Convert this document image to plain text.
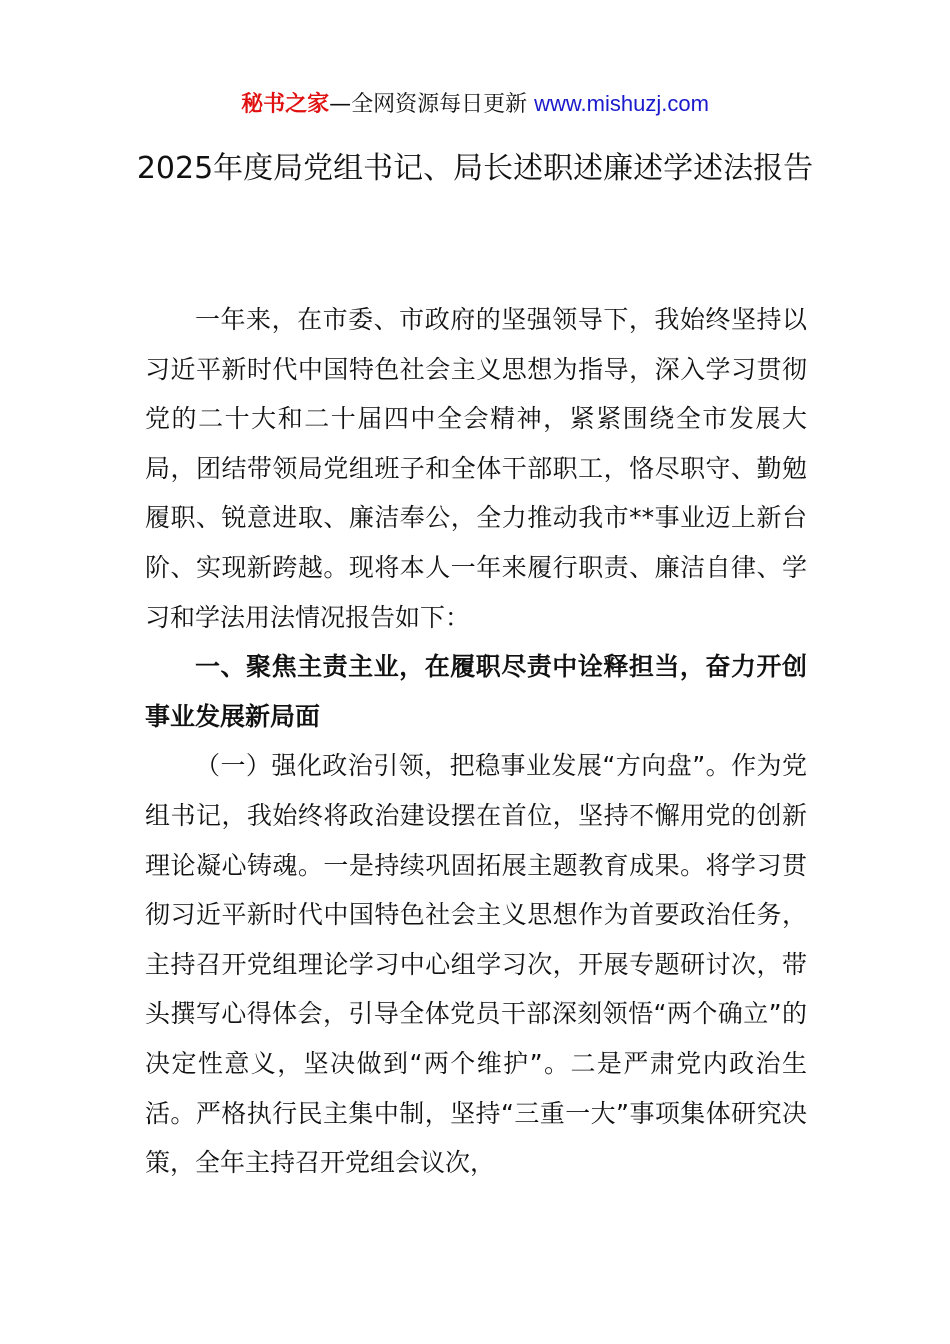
秘书之家—全网资源每日更新 www.mishuzj.com
2025年度局党组书记、局长述职述廉述学述法报告

一年来，在市委、市政府的坚强领导下，我始终坚持以习近平新时代中国特色社会主义思想为指导，深入学习贯彻党的二十大和二十届四中全会精神，紧紧围绕全市发展大局，团结带领局党组班子和全体干部职工，恪尽职守、勤勉履职、锐意进取、廉洁奉公，全力推动我市**事业迈上新台阶、实现新跨越。现将本人一年来履行职责、廉洁自律、学习和学法用法情况报告如下：

一、聚焦主责主业，在履职尽责中诠释担当，奋力开创事业发展新局面

（一）强化政治引领，把稳事业发展“方向盘”。作为党组书记，我始终将政治建设摆在首位，坚持不懈用党的创新理论凝心铸魂。一是持续巩固拓展主题教育成果。将学习贯彻习近平新时代中国特色社会主义思想作为首要政治任务，主持召开党组理论学习中心组学习次，开展专题研讨次，带头撰写心得体会，引导全体党员干部深刻领悟“两个确立”的决定性意义，坚决做到“两个维护”。二是严肃党内政治生活。严格执行民主集中制，坚持“三重一大”事项集体研究决策，全年主持召开党组会议次，
